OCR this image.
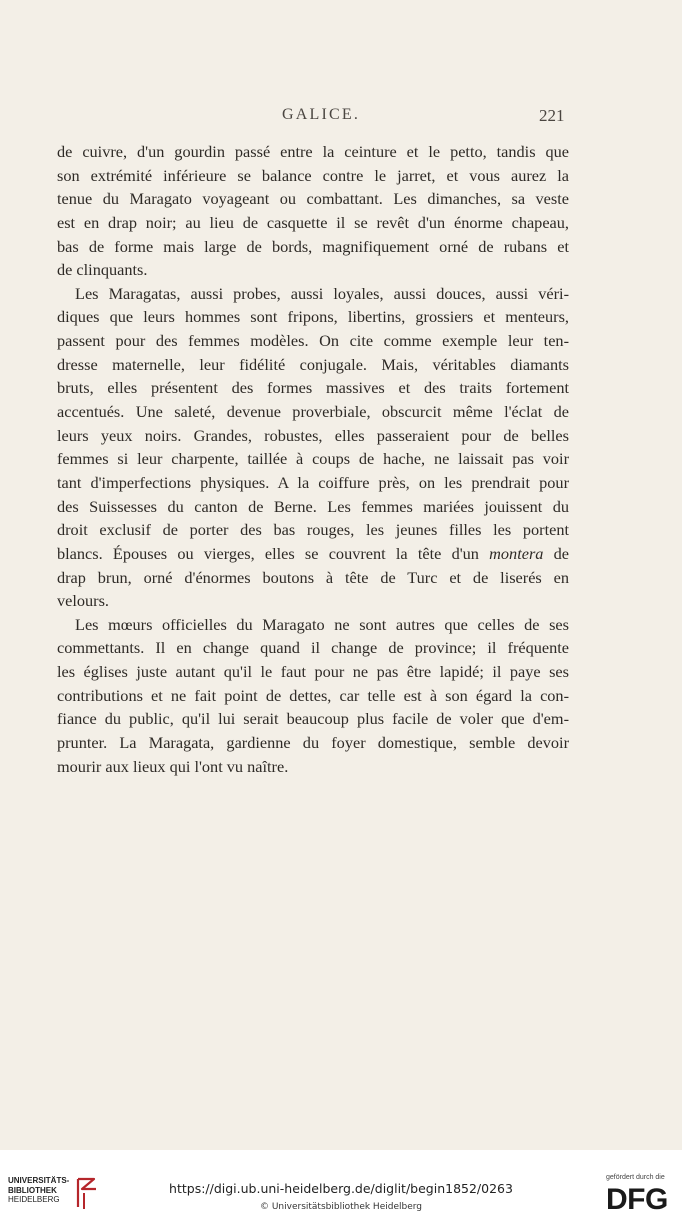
GALICE.	221
de cuivre, d'un gourdin passé entre la ceinture et le petto, tandis que
son extrémité inférieure se balance contre le jarret, et vous aurez la
tenue du Maragato voyageant ou combattant. Les dimanches, sa veste
est en drap noir; au lieu de casquette il se revêt d'un énorme chapeau,
bas de forme mais large de bords, magnifiquement orné de rubans et
de clinquants.
Les Maragatas, aussi probes, aussi loyales, aussi douces, aussi véri-
diques que leurs hommes sont fripons, libertins, grossiers et menteurs,
passent pour des femmes modèles. On cite comme exemple leur ten-
dresse maternelle, leur fidélité conjugale. Mais, véritables diamants
bruts, elles présentent des formes massives et des traits fortement
accentués. Une saleté, devenue proverbiale, obscurcit même l'éclat de
leurs yeux noirs. Grandes, robustes, elles passeraient pour de belles
femmes si leur charpente, taillée à coups de hache, ne laissait pas voir
tant d'imperfections physiques. A la coiffure près, on les prendrait pour
des Suissesses du canton de Berne. Les femmes mariées jouissent du
droit exclusif de porter des bas rouges, les jeunes filles les portent
blancs. Épouses ou vierges, elles se couvrent la tête d'un montera de
drap brun, orné d'énormes boutons à tête de Turc et de liserés en
velours.
Les mœurs officielles du Maragato ne sont autres que celles de ses
commettants. Il en change quand il change de province; il fréquente
les églises juste autant qu'il le faut pour ne pas être lapidé; il paye ses
contributions et ne fait point de dettes, car telle est à son égard la con-
fiance du public, qu'il lui serait beaucoup plus facile de voler que d'em-
prunter. La Maragata, gardienne du foyer domestique, semble devoir
mourir aux lieux qui l'ont vu naître.
UNIVERSITÄTS-
BIBLIOTHEK
HEIDELBERG
https://digi.ub.uni-heidelberg.de/diglit/begin1852/0263
© Universitätsbibliothek Heidelberg
gefördert durch die
DFG
